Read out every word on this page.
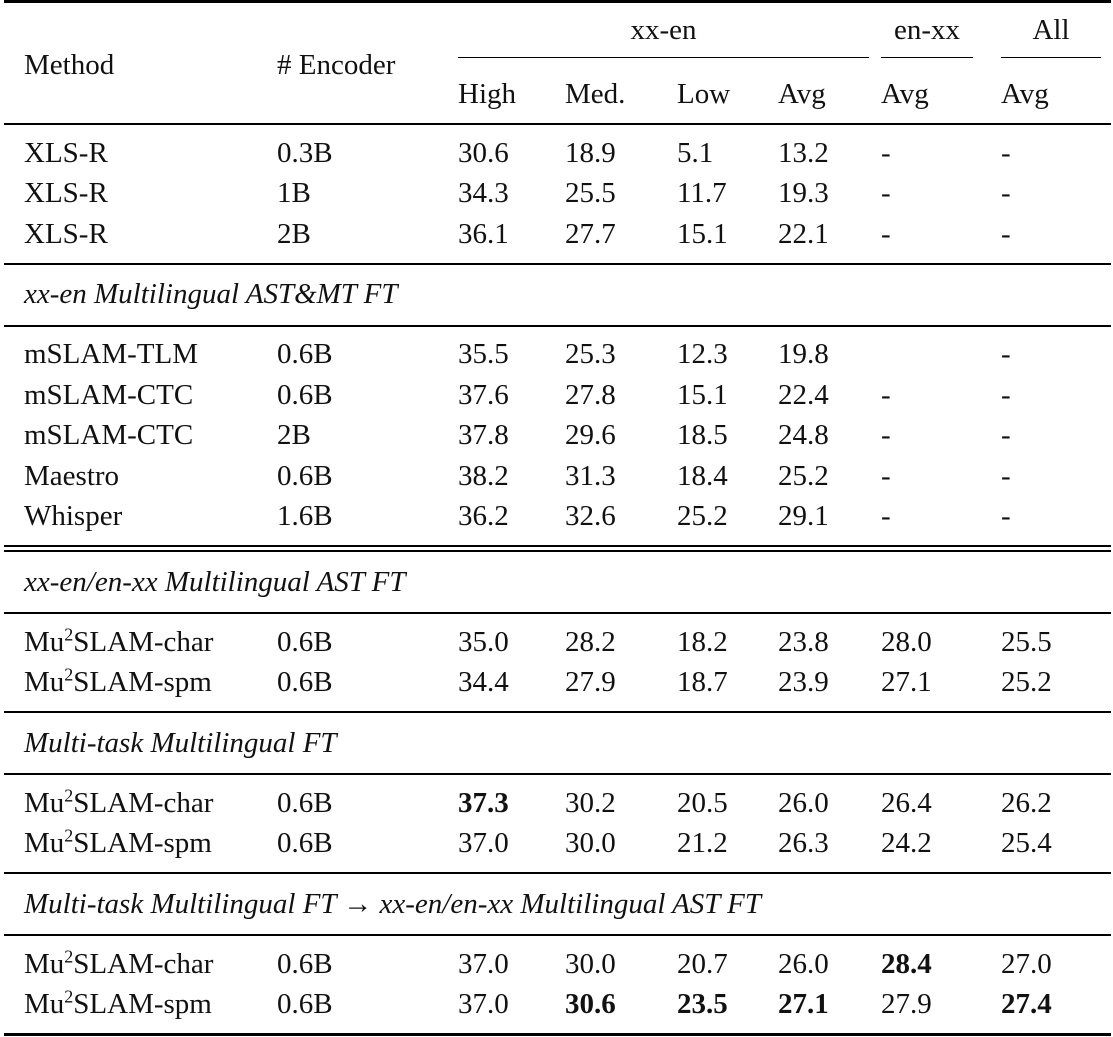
Method	# Encoder	xx-en				en-xx	All

		High	Med.	Low	Avg	Avg	Avg

XLS-R	0.3B	30.6	18.9	5.1	13.2	-	-
XLS-R	1B	34.3	25.5	11.7	19.3	-	-
XLS-R	2B	36.1	27.7	15.1	22.1	-	-

xx-en Multilingual AST&MT FT							

mSLAM-TLM	0.6B	35.5	25.3	12.3	19.8		-
mSLAM-CTC	0.6B	37.6	27.8	15.1	22.4	-	-
mSLAM-CTC	2B	37.8	29.6	18.5	24.8	-	-
Maestro	0.6B	38.2	31.3	18.4	25.2	-	-
Whisper	1.6B	36.2	32.6	25.2	29.1	-	-

xx-en/en-xx Multilingual AST FT							

Mu$^2$SLAM-char	0.6B	35.0	28.2	18.2	23.8	28.0	25.5
Mu$^2$SLAM-spm	0.6B	34.4	27.9	18.7	23.9	27.1	25.2

Multi-task Multilingual FT							

Mu$^2$SLAM-char	0.6B	37.3	30.2	20.5	26.0	26.4	26.2
Mu$^2$SLAM-spm	0.6B	37.0	30.0	21.2	26.3	24.2	25.4

Multi-task Multilingual FT → xx-en/en-xx Multilingual AST FT							

Mu$^2$SLAM-char	0.6B	37.0	30.0	20.7	26.0	28.4	27.0
Mu$^2$SLAM-spm	0.6B	37.0	30.6	23.5	27.1	27.9	27.4
